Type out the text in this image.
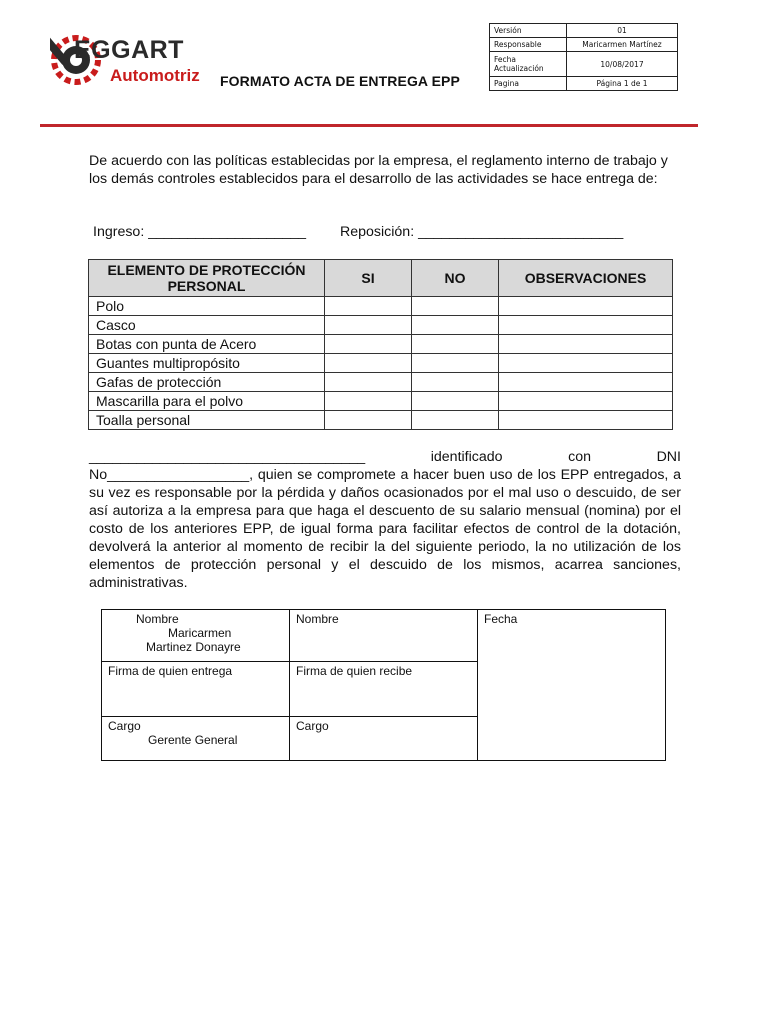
EGGART
Automotriz FORMATO ACTA DE ENTREGA EPP
Versión	01
Responsable	Maricarmen Martínez
Fecha Actualización	10/08/2017
Pagina	Página 1 de 1

De acuerdo con las políticas establecidas por la empresa, el reglamento interno de trabajo y los demás controles establecidos para el desarrollo de las actividades se hace entrega de:

Ingreso: ____________________ Reposición: __________________________
ELEMENTO DE PROTECCIÓN PERSONAL	SI	NO	OBSERVACIONES
Polo			
Casco			
Botas con punta de Acero			
Guantes multipropósito			
Gafas de protección			
Mascarilla para el polvo			
Toalla personal			
___________________________________	identificado	con	DNI

No__________________, quien se compromete a hacer buen uso de los EPP entregados, a su vez es responsable por la pérdida y daños ocasionados por el mal uso o descuido, de ser así autoriza a la empresa para que haga el descuento de su salario mensual (nomina) por el costo de los anteriores EPP, de igual forma para facilitar efectos de control de la dotación, devolverá la anterior al momento de recibir la del siguiente periodo, la no utilización de los elementos de protección personal y el descuido de los mismos, acarrea sanciones, administrativas.

Nombre
Maricarmen
Martinez Donayre	Nombre	Fecha
Firma de quien entrega	Firma de quien recibe	

Cargo
Gerente General	Cargo	
